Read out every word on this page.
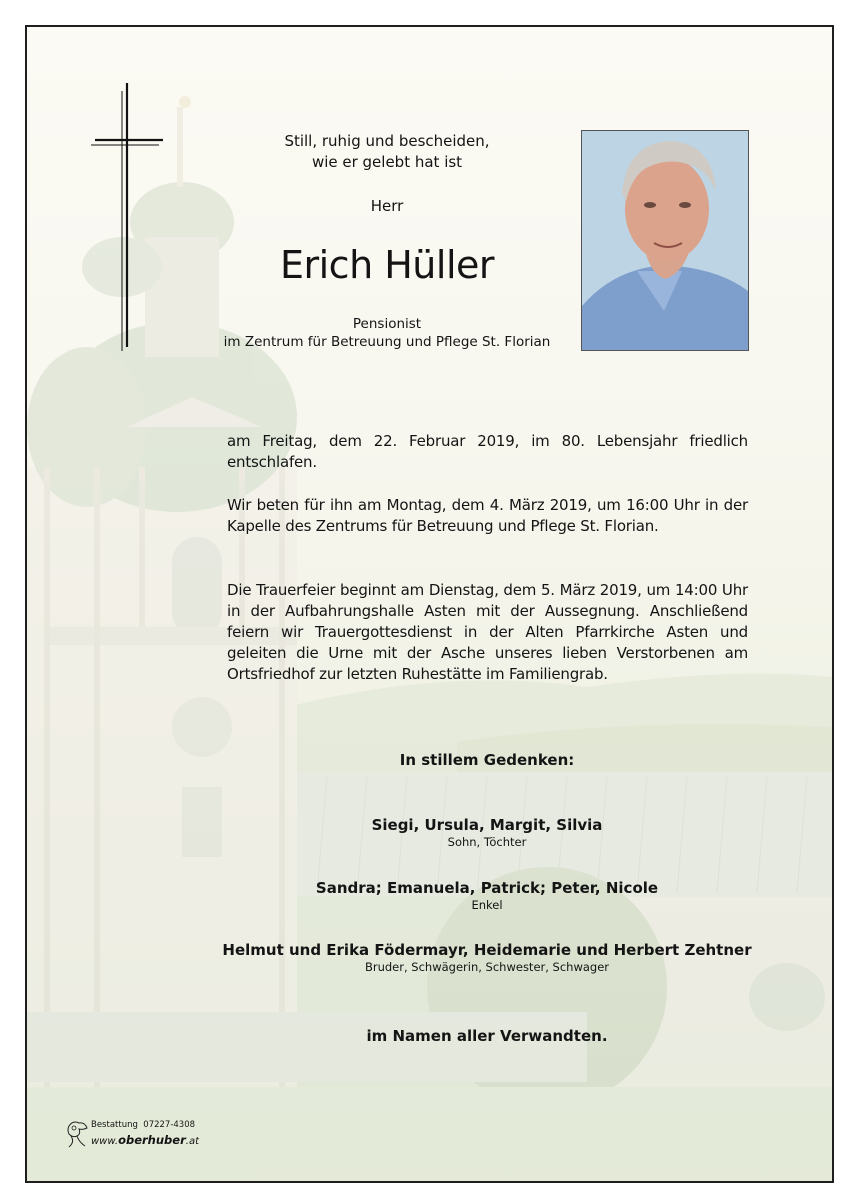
Still, ruhig und bescheiden,
wie er gelebt hat ist
Herr
Erich Hüller
Pensionist
im Zentrum für Betreuung und Pflege St. Florian
am Freitag, dem 22. Februar 2019, im 80. Lebensjahr friedlich entschlafen.
Wir beten für ihn am Montag, dem 4. März 2019, um 16:00 Uhr in der Kapelle des Zentrums für Betreuung und Pflege St. Florian.
Die Trauerfeier beginnt am Dienstag, dem 5. März 2019, um 14:00 Uhr in der Aufbahrungshalle Asten mit der Aussegnung. Anschließend feiern wir Trauergottesdienst in der Alten Pfarrkirche Asten und geleiten die Urne mit der Asche unseres lieben Verstorbenen am Ortsfriedhof zur letzten Ruhestätte im Familiengrab.
In stillem Gedenken:
Siegi, Ursula, Margit, Silvia
Sohn, Töchter
Sandra; Emanuela, Patrick; Peter, Nicole
Enkel
Helmut und Erika Födermayr, Heidemarie und Herbert Zehtner
Bruder, Schwägerin, Schwester, Schwager
im Namen aller Verwandten.
Bestattung 07227-4308
www.oberhuber.at
